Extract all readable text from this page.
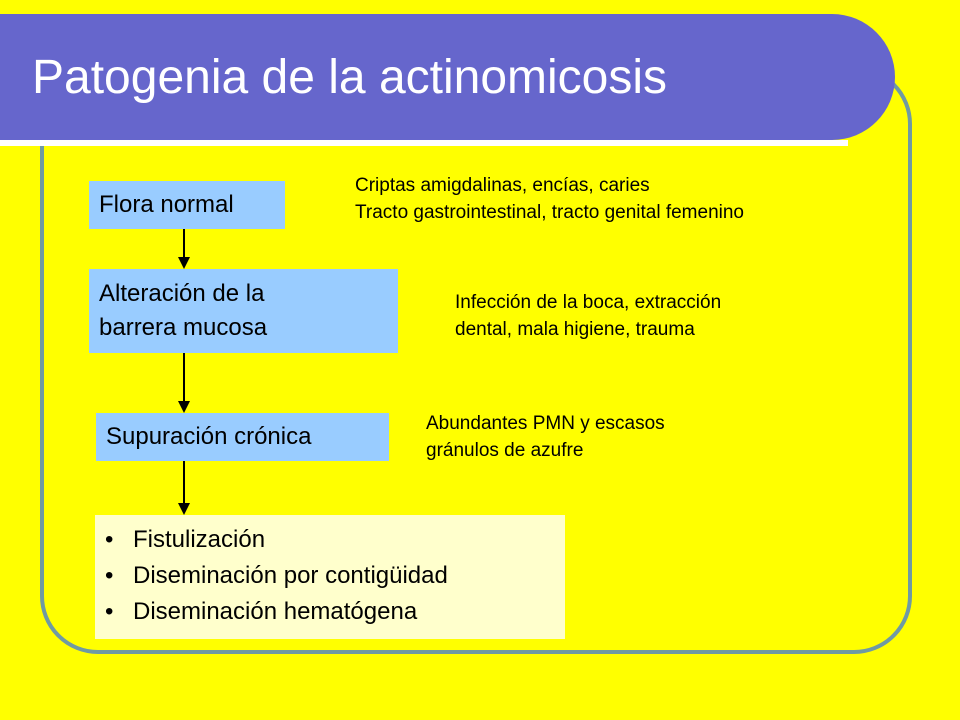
Patogenia de la actinomicosis
Flora normal
Alteración de la
barrera mucosa
Supuración crónica
• Fistulización
• Diseminación por contigüidad
• Diseminación hematógena
Criptas amigdalinas, encías, caries
Tracto gastrointestinal, tracto genital femenino
Infección de la boca, extracción
dental, mala higiene, trauma
Abundantes PMN y escasos
gránulos de azufre
